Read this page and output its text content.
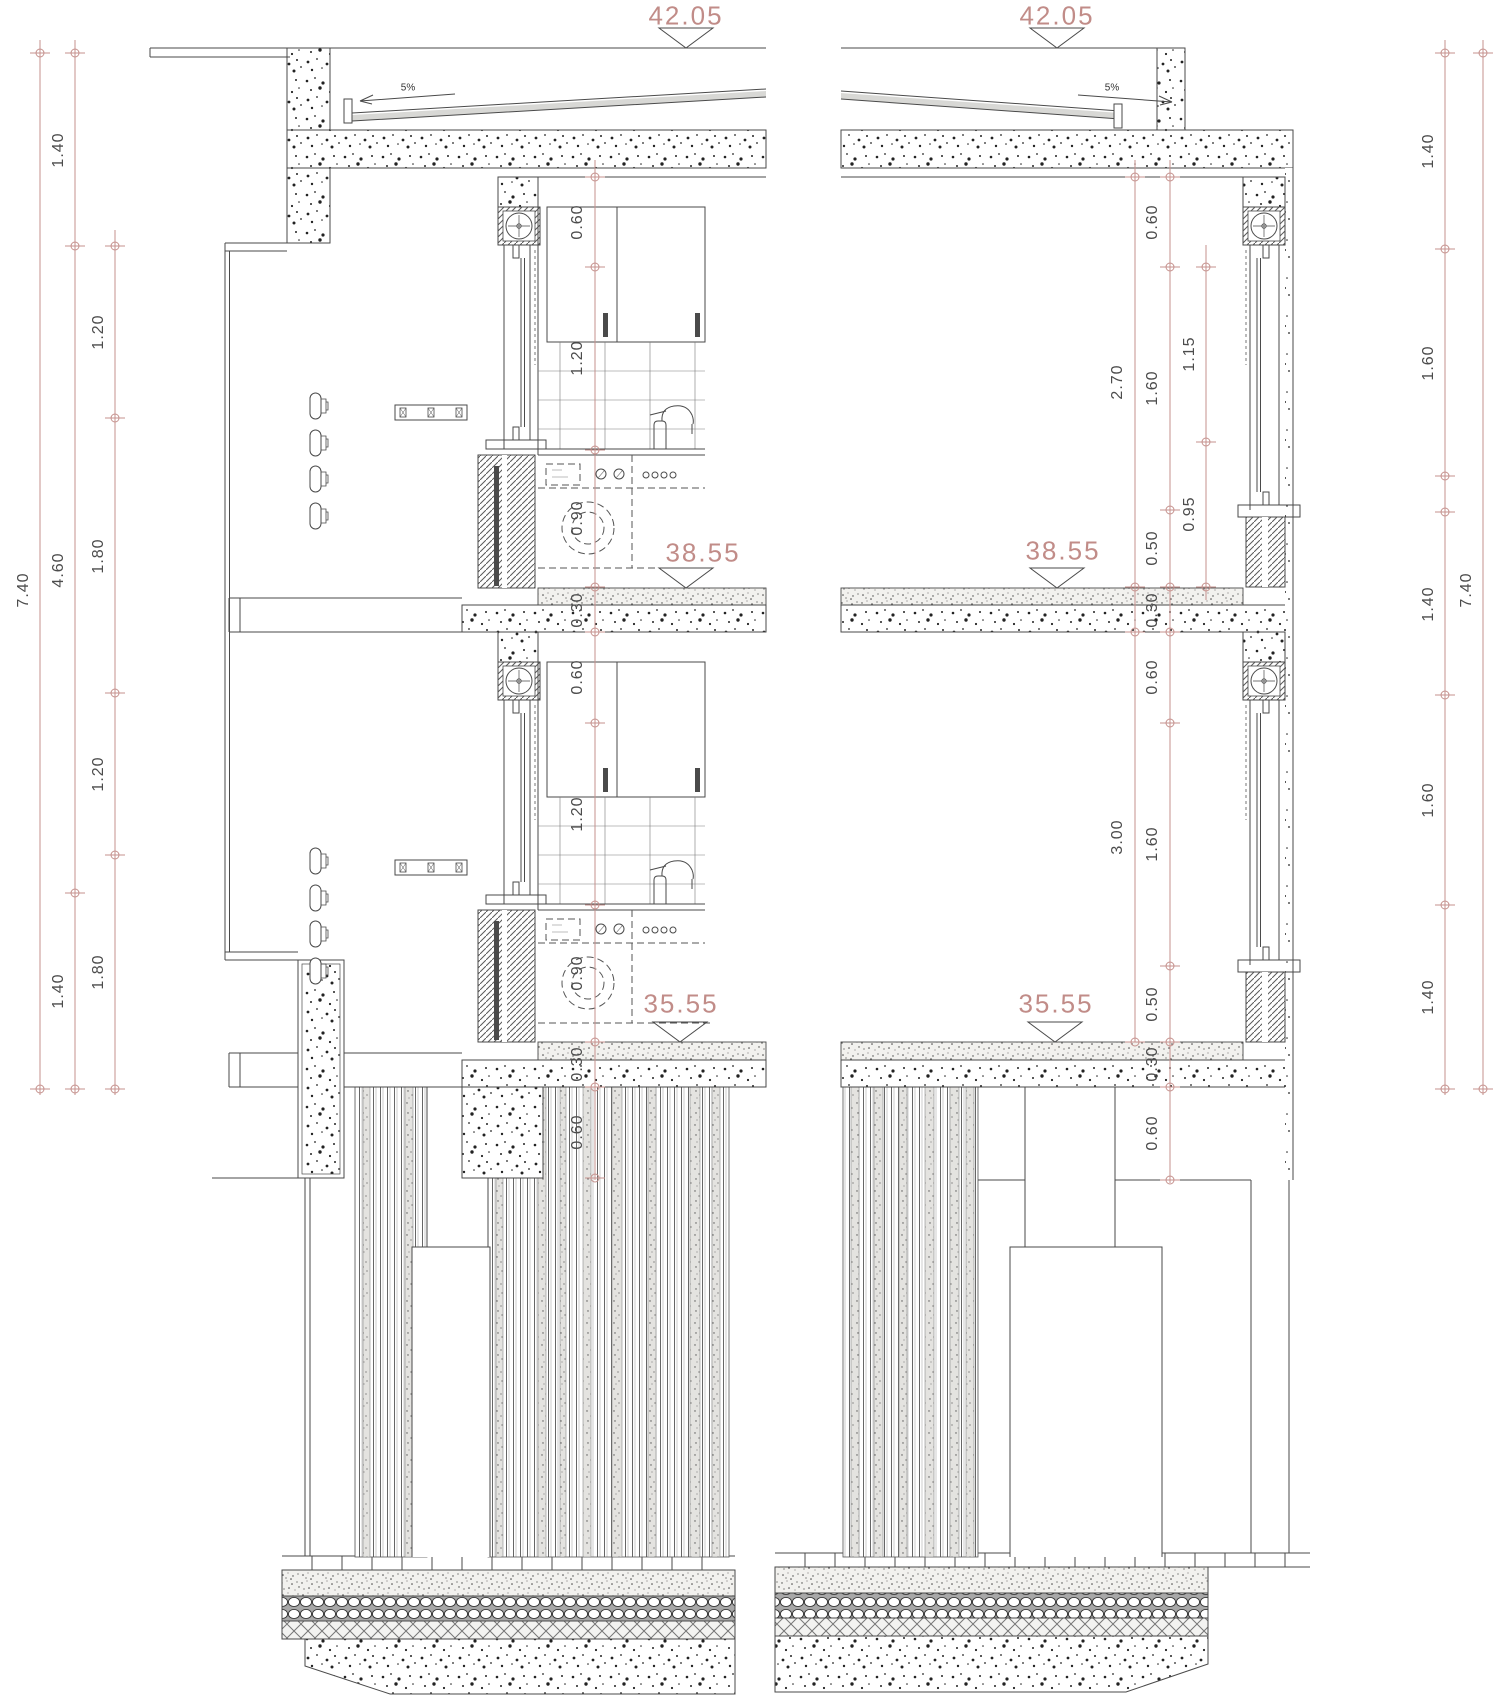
42.05	42.05
38.55	38.55
35.55	35.55
5%	5%
7.40
1.40
4.60
1.40
1.20
1.80
1.20
1.80
1.40
1.60
1.40
1.60
1.40
7.40
0.60
1.20
0.90
0.30
0.60
1.20
0.90
0.30
0.60
2.70
3.00
0.60
1.60
0.50
0.30
0.60
1.60
0.50
0.30
0.60
1.15
0.95
